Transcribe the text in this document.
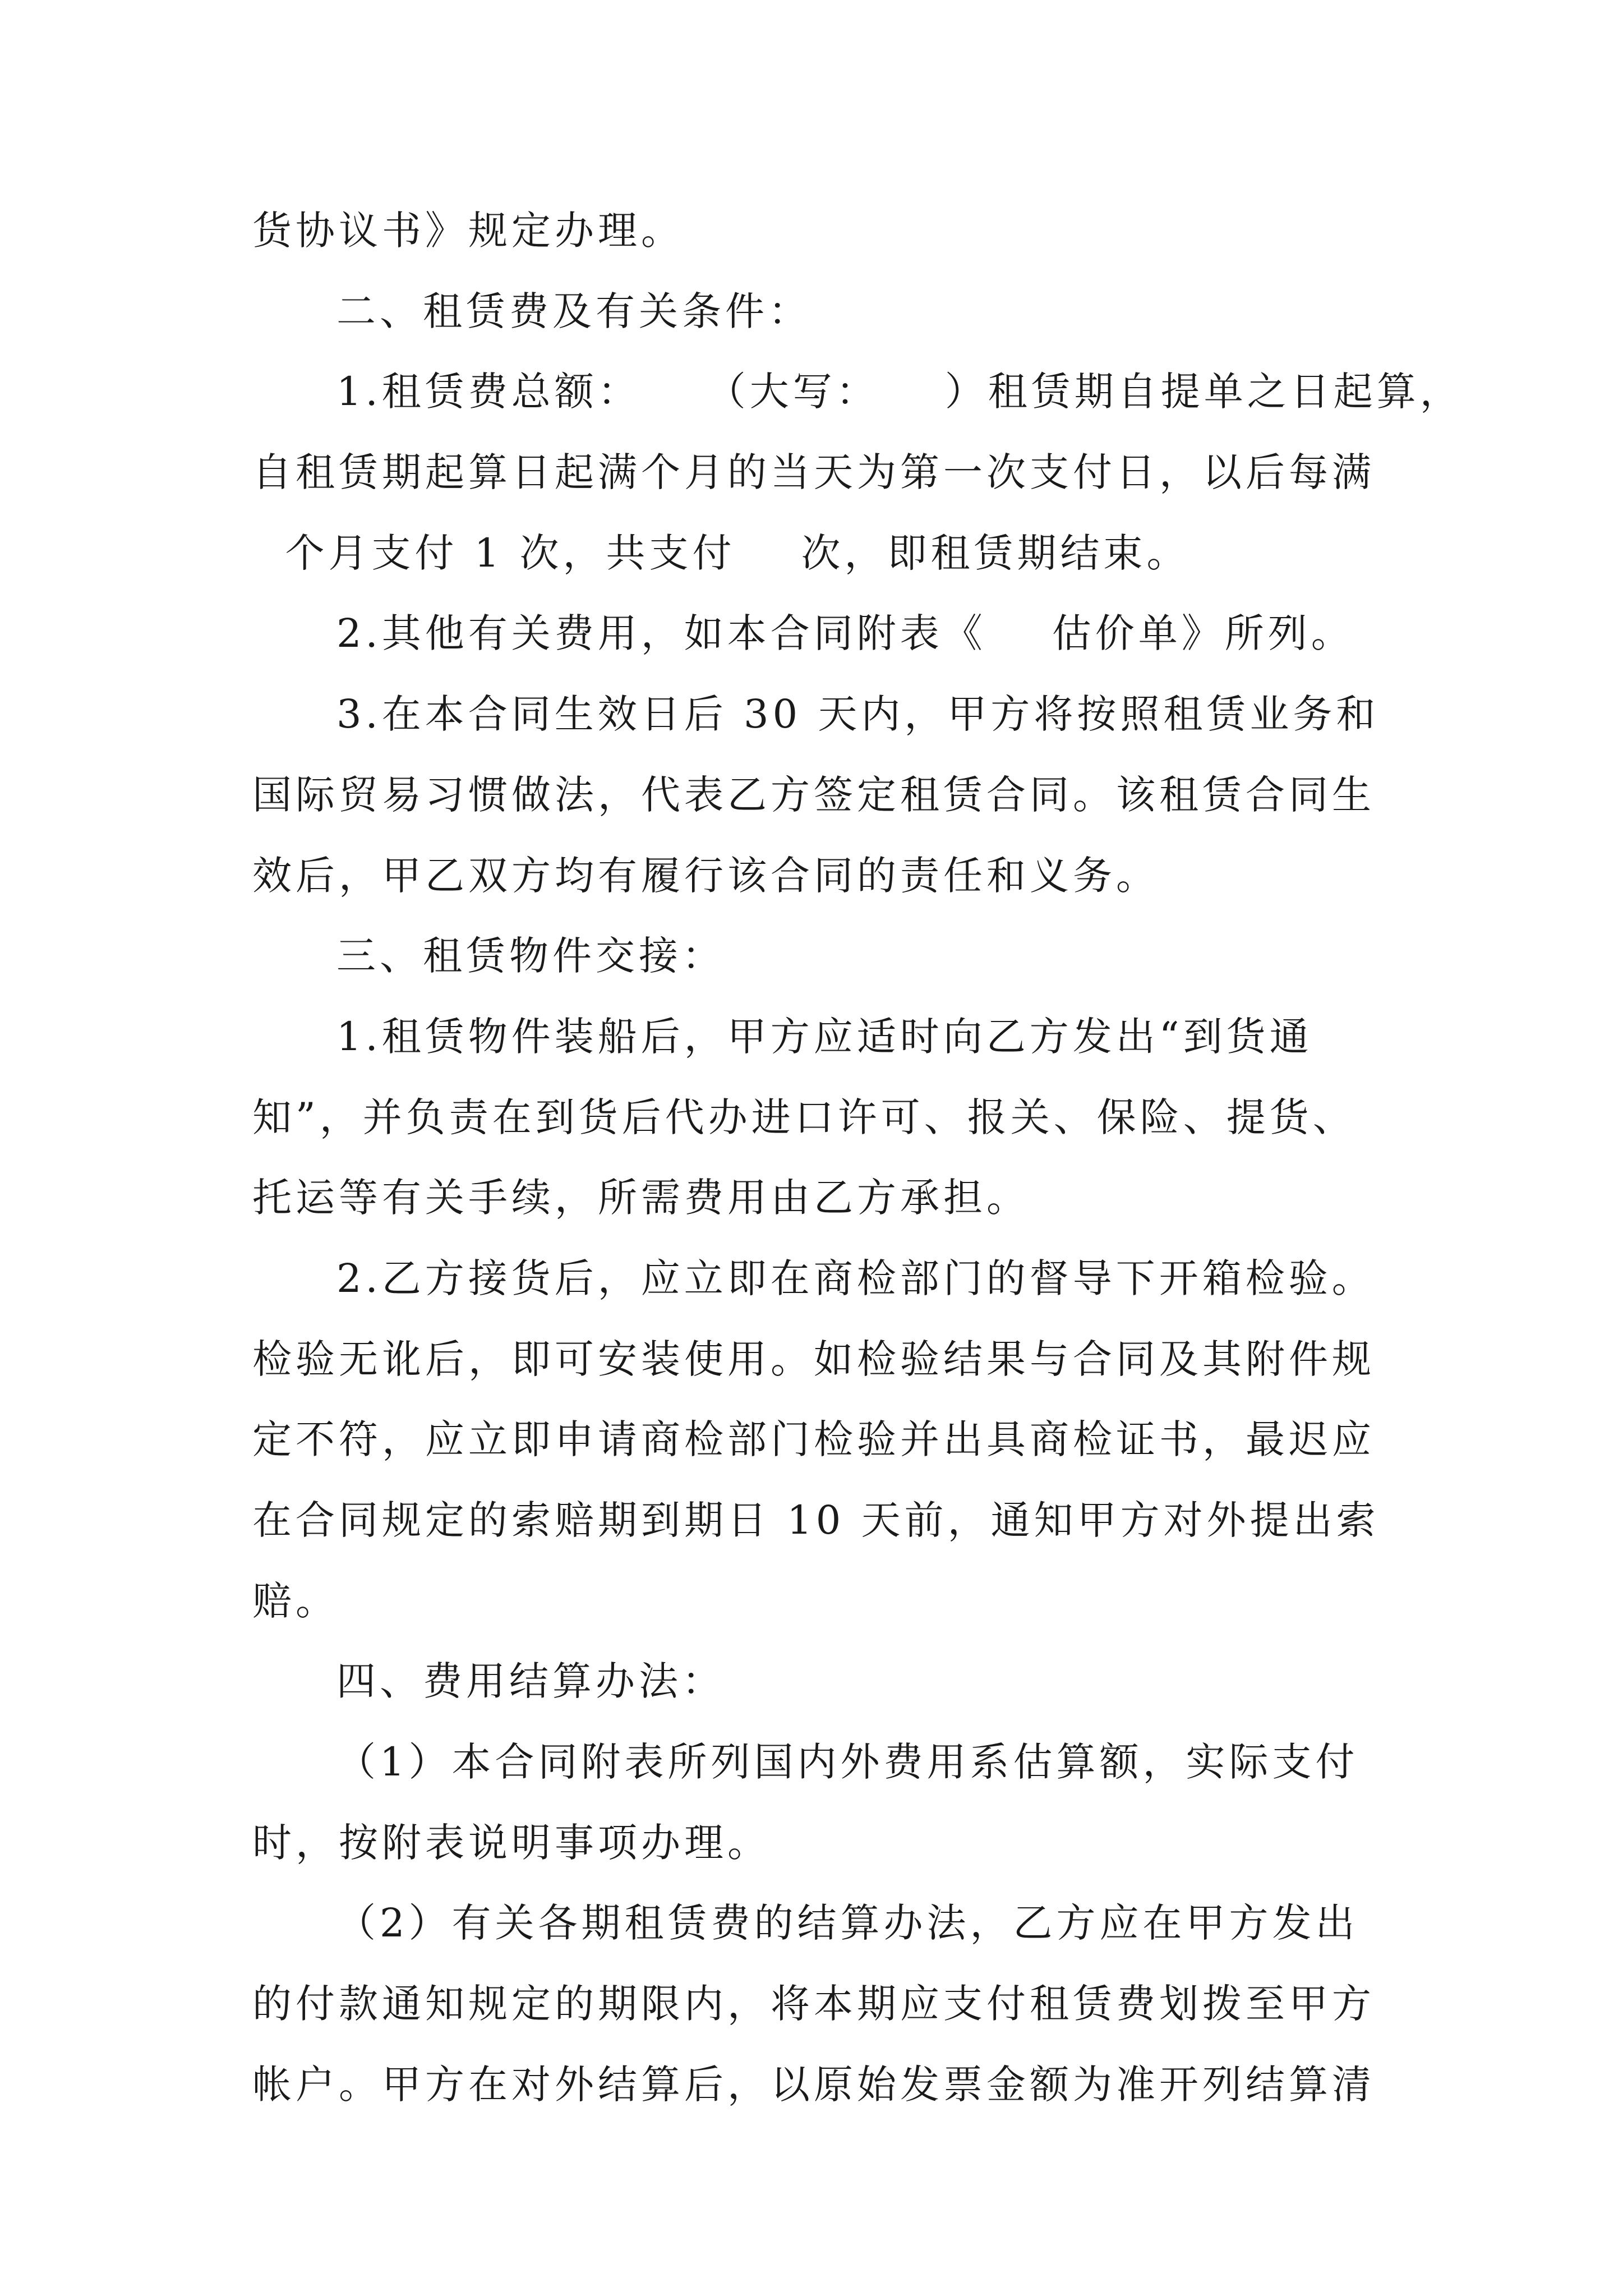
货协议书》规定办理。
二、租赁费及有关条件：
1.租赁费总额：    （大写：    ）租赁期自提单之日起算，
自租赁期起算日起满个月的当天为第一次支付日，以后每满
个月支付 1 次，共支付    次，即租赁期结束。
2.其他有关费用，如本合同附表《    估价单》所列。
3.在本合同生效日后 30 天内，甲方将按照租赁业务和
国际贸易习惯做法，代表乙方签定租赁合同。该租赁合同生
效后，甲乙双方均有履行该合同的责任和义务。
三、租赁物件交接：
1.租赁物件装船后，甲方应适时向乙方发出“到货通
知”，并负责在到货后代办进口许可、报关、保险、提货、
托运等有关手续，所需费用由乙方承担。
2.乙方接货后，应立即在商检部门的督导下开箱检验。
检验无讹后，即可安装使用。如检验结果与合同及其附件规
定不符，应立即申请商检部门检验并出具商检证书，最迟应
在合同规定的索赔期到期日 10 天前，通知甲方对外提出索
赔。
四、费用结算办法：
（1）本合同附表所列国内外费用系估算额，实际支付
时，按附表说明事项办理。
（2）有关各期租赁费的结算办法，乙方应在甲方发出
的付款通知规定的期限内，将本期应支付租赁费划拨至甲方
帐户。甲方在对外结算后，以原始发票金额为准开列结算清
